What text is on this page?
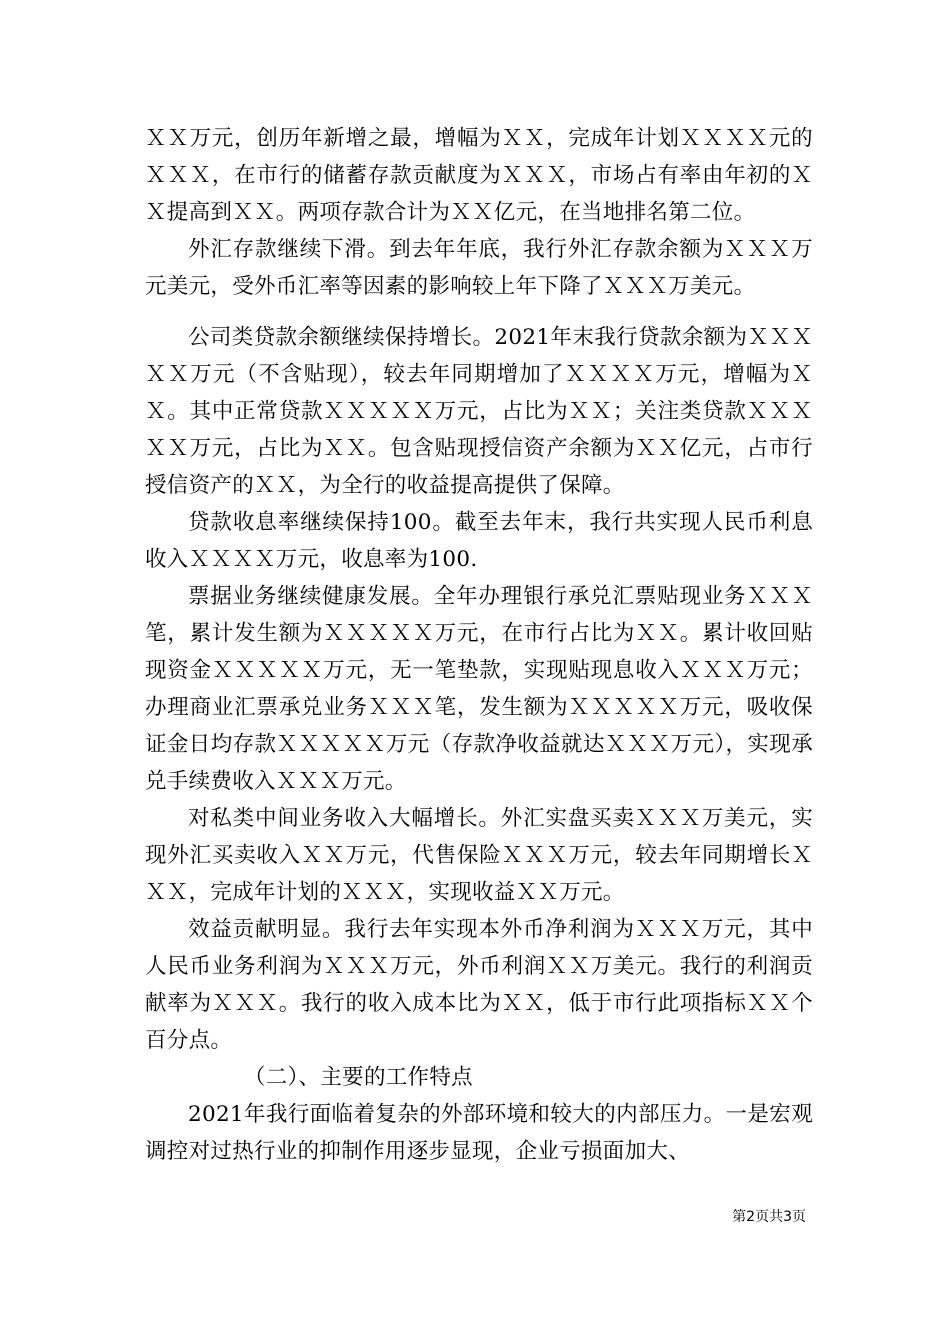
ＸＸ万元，创历年新增之最，增幅为ＸＸ，完成年计划ＸＸＸＸ元的ＸＸＸ，在市行的储蓄存款贡献度为ＸＸＸ，市场占有率由年初的ＸＸ提高到ＸＸ。两项存款合计为ＸＸ亿元，在当地排名第二位。

外汇存款继续下滑。到去年年底，我行外汇存款余额为ＸＸＸ万元美元，受外币汇率等因素的影响较上年下降了ＸＸＸ万美元。

公司类贷款余额继续保持增长。2021年末我行贷款余额为ＸＸＸＸＸ万元（不含贴现），较去年同期增加了ＸＸＸＸ万元，增幅为ＸＸ。其中正常贷款ＸＸＸＸＸ万元，占比为ＸＸ；关注类贷款ＸＸＸＸＸ万元，占比为ＸＸ。包含贴现授信资产余额为ＸＸ亿元，占市行授信资产的ＸＸ，为全行的收益提高提供了保障。

贷款收息率继续保持100。截至去年末，我行共实现人民币利息收入ＸＸＸＸ万元，收息率为100.

票据业务继续健康发展。全年办理银行承兑汇票贴现业务ＸＸＸ笔，累计发生额为ＸＸＸＸＸ万元，在市行占比为ＸＸ。累计收回贴现资金ＸＸＸＸＸ万元，无一笔垫款，实现贴现息收入ＸＸＸ万元；办理商业汇票承兑业务ＸＸＸ笔，发生额为ＸＸＸＸＸ万元，吸收保证金日均存款ＸＸＸＸＸ万元（存款净收益就达ＸＸＸ万元），实现承兑手续费收入ＸＸＸ万元。

对私类中间业务收入大幅增长。外汇实盘买卖ＸＸＸ万美元，实现外汇买卖收入ＸＸ万元，代售保险ＸＸＸ万元，较去年同期增长ＸＸＸ，完成年计划的ＸＸＸ，实现收益ＸＸ万元。

效益贡献明显。我行去年实现本外币净利润为ＸＸＸ万元，其中人民币业务利润为ＸＸＸ万元，外币利润ＸＸ万美元。我行的利润贡献率为ＸＸＸ。我行的收入成本比为ＸＸ，低于市行此项指标ＸＸ个百分点。

（二）、主要的工作特点

2021年我行面临着复杂的外部环境和较大的内部压力。一是宏观调控对过热行业的抑制作用逐步显现，企业亏损面加大、

第2页共3页
